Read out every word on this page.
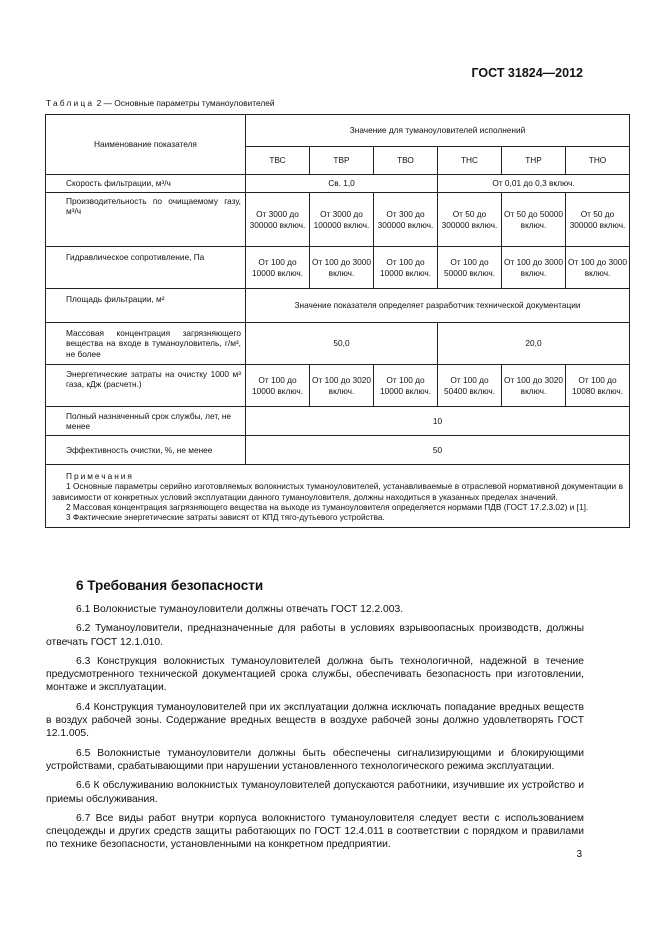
ГОСТ 31824—2012
Таблица 2 — Основные параметры туманоуловителей
Наименование показателя	Значение для туманоуловителей исполнений					
	ТВС	ТВР	ТВО	ТНС	ТНР	ТНО
Скорость фильтрации, м³/ч	Св. 1,0			От 0,01 до 0,3 включ.		
Производительность по очищаемому газу, м³/ч	От 3000 до 300000 включ.	От 3000 до 100000 включ.	От 300 до 300000 включ.	От 50 до 300000 включ.	От 50 до 50000 включ.	От 50 до 300000 включ.
Гидравлическое сопротивление, Па	От 100 до 10000 включ.	От 100 до 3000 включ.	От 100 до 10000 включ.	От 100 до 50000 включ.	От 100 до 3000 включ.	От 100 до 3000 включ.
Площадь фильтрации, м²	Значение показателя определяет разработчик технической документации					
Массовая концентрация загрязняющего вещества на входе в туманоуловитель, г/м³, не более	50,0			20,0		
Энергетические затраты на очистку 1000 м³ газа, кДж (расчетн.)	От 100 до 10000 включ.	От 100 до 3020 включ.	От 100 до 10000 включ.	От 100 до 50400 включ.	От 100 до 3020 включ.	От 100 до 10080 включ.
Полный назначенный срок службы, лет, не менее	10					
Эффективность очистки, %, не менее	50					

Примечания
1 Основные параметры серийно изготовляемых волокнистых туманоуловителей, устанавливаемые в отраслевой нормативной документации в зависимости от конкретных условий эксплуатации данного туманоуловителя, должны находиться в указанных пределах значений.
2 Массовая концентрация загрязняющего вещества на выходе из туманоуловителя определяется нормами ПДВ (ГОСТ 17.2.3.02) и [1].
3 Фактические энергетические затраты зависят от КПД тяго-дутьевого устройства.						
6 Требования безопасности

6.1 Волокнистые туманоуловители должны отвечать ГОСТ 12.2.003.

6.2 Туманоуловители, предназначенные для работы в условиях взрывоопасных производств, должны отвечать ГОСТ 12.1.010.

6.3 Конструкция волокнистых туманоуловителей должна быть технологичной, надежной в течение предусмотренного технической документацией срока службы, обеспечивать безопасность при изготовлении, монтаже и эксплуатации.

6.4 Конструкция туманоуловителей при их эксплуатации должна исключать попадание вредных веществ в воздух рабочей зоны. Содержание вредных веществ в воздухе рабочей зоны должно удовлетворять ГОСТ 12.1.005.

6.5 Волокнистые туманоуловители должны быть обеспечены сигнализирующими и блокирующими устройствами, срабатывающими при нарушении установленного технологического режима эксплуатации.

6.6 К обслуживанию волокнистых туманоуловителей допускаются работники, изучившие их устройство и приемы обслуживания.

6.7 Все виды работ внутри корпуса волокнистого туманоуловителя следует вести с использованием спецодежды и других средств защиты работающих по ГОСТ 12.4.011 в соответствии с порядком и правилами по технике безопасности, установленными на конкретном предприятии.

3
